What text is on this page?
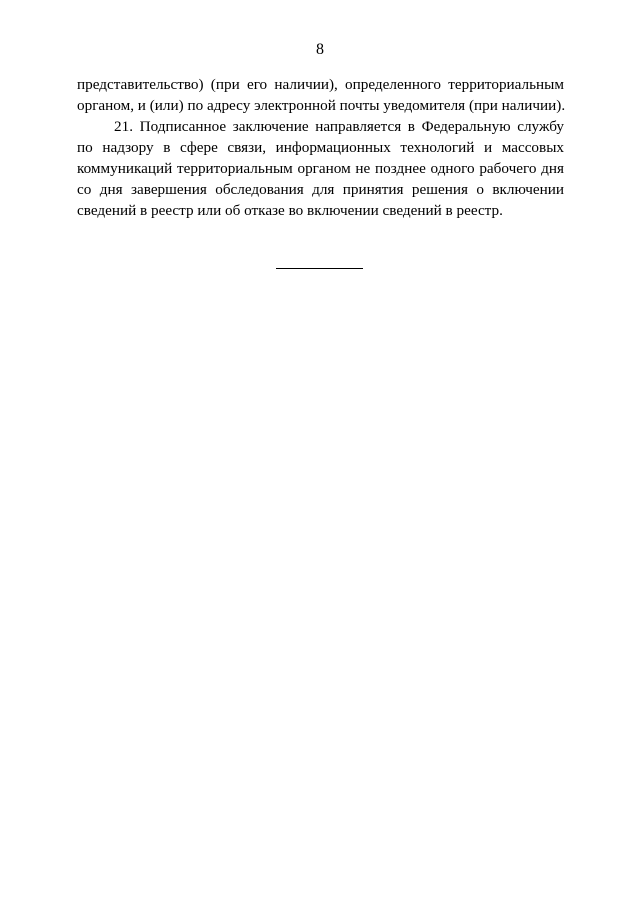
8

представительство) (при его наличии), определенного территориальным
органом, и (или) по адресу электронной почты уведомителя (при наличии).

21. Подписанное заключение направляется в Федеральную службу
по надзору в сфере связи, информационных технологий и массовых
коммуникаций территориальным органом не позднее одного рабочего дня
со дня завершения обследования для принятия решения о включении
сведений в реестр или об отказе во включении сведений в реестр.
